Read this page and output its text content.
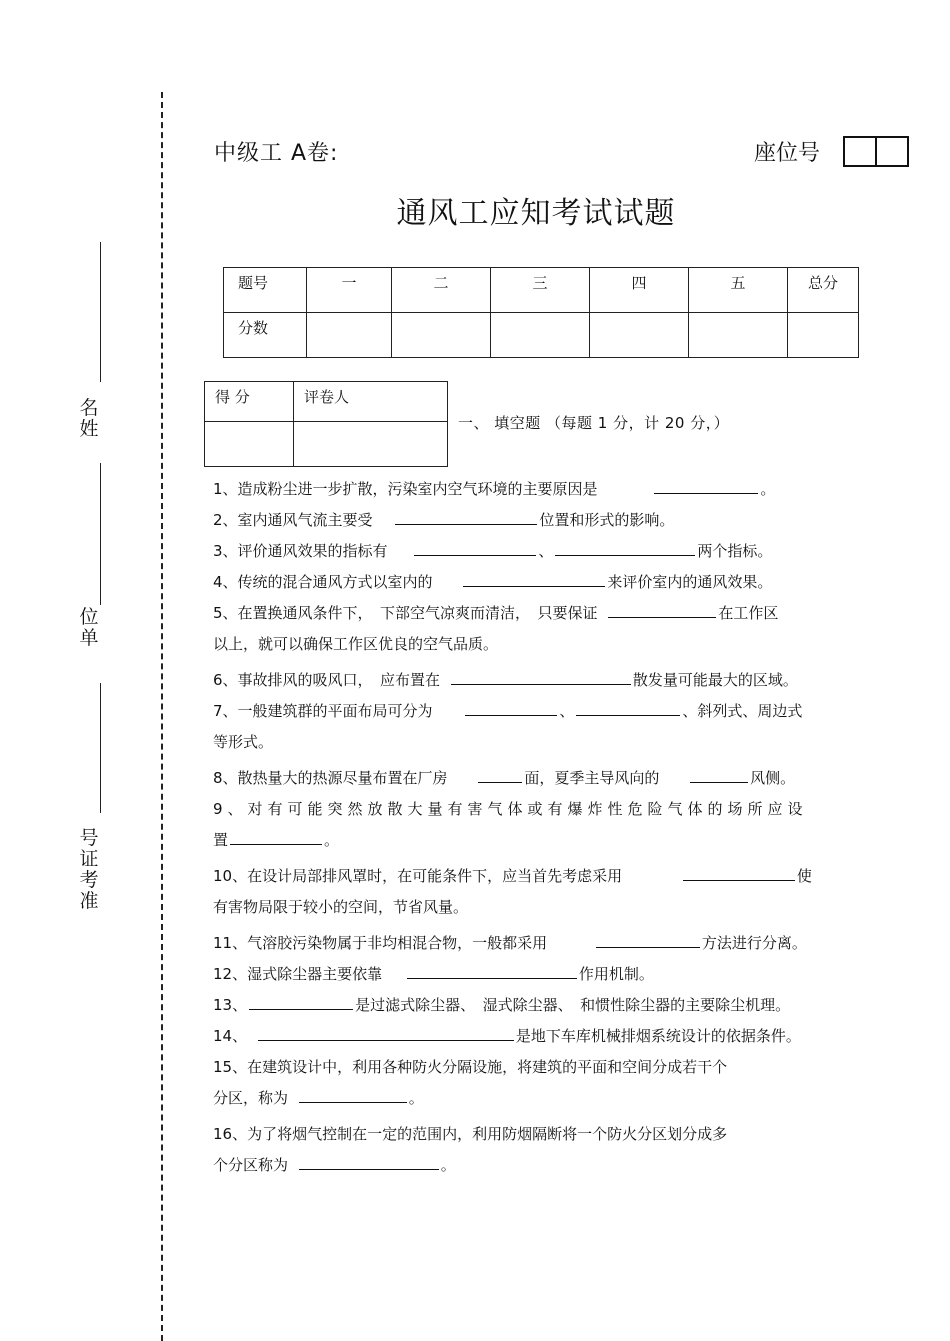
名
姓
位
单
号
证
考
准
中级工 A卷:	座位号
通风工应知考试试题
题号	一	二	三	四	五	总分
分数						
得 分	评卷人

一、 填空题 （每题 1 分，计 20 分，）
1、造成粉尘进一步扩散，污染室内空气环境的主要原因是	。
2、室内通风气流主要受	位置和形式的影响。
3、评价通风效果的指标有	、	两个指标。
4、传统的混合通风方式以室内的	来评价室内的通风效果。
5、在置换通风条件下，　下部空气凉爽而清洁，　只要保证	在工作区
以上，就可以确保工作区优良的空气品质。
6、事故排风的吸风口，　应布置在	散发量可能最大的区域。
7、一般建筑群的平面布局可分为	、	、斜列式、周边式
等形式。
8、散热量大的热源尽量布置在厂房	面，夏季主导风向的	风侧。
9、对有可能突然放散大量有害气体或有爆炸性危险气体的场所应设
置	。
10、在设计局部排风罩时，在可能条件下，应当首先考虑采用	使
有害物局限于较小的空间，节省风量。
11、气溶胶污染物属于非均相混合物，一般都采用	方法进行分离。
12、湿式除尘器主要依靠	作用机制。
13、	是过滤式除尘器、　湿式除尘器、　和惯性除尘器的主要除尘机理。
14、	是地下车库机械排烟系统设计的依据条件。
15、在建筑设计中，利用各种防火分隔设施，将建筑的平面和空间分成若干个
分区，称为	。
16、为了将烟气控制在一定的范围内，利用防烟隔断将一个防火分区划分成多
个分区称为	。
